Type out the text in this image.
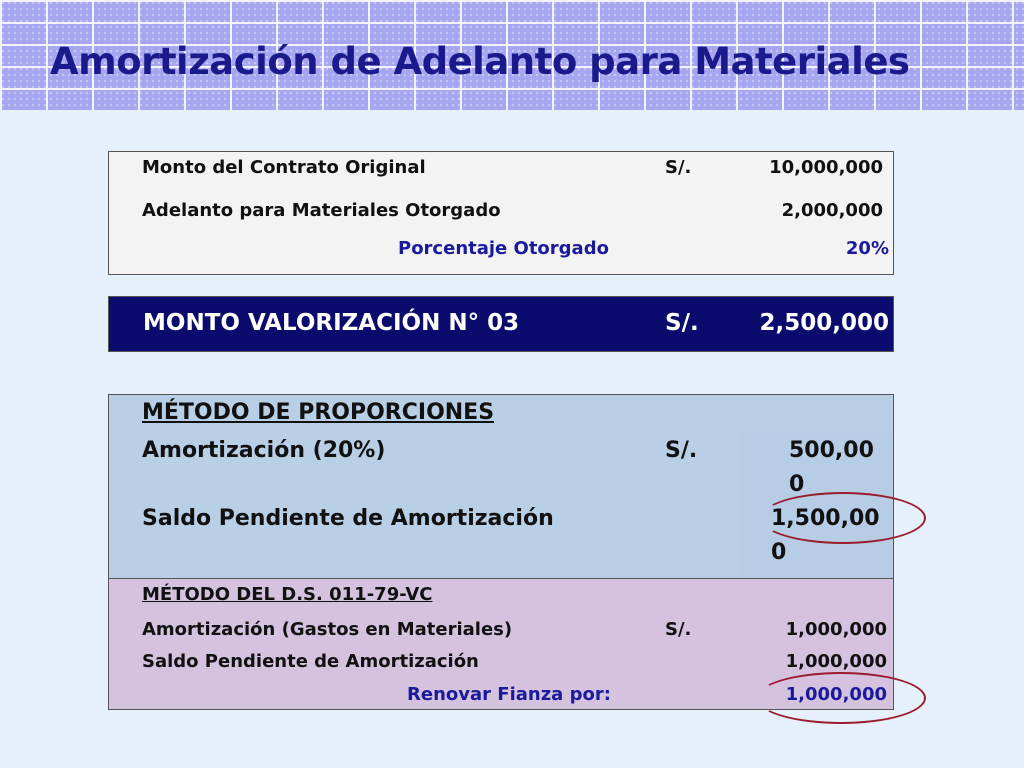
Amortización de Adelanto para Materiales
Monto del Contrato Original	S/.	10,000,000
Adelanto para Materiales Otorgado	2,000,000
Porcentaje Otorgado	20%
MONTO VALORIZACIÓN N° 03	S/.	2,500,000
MÉTODO DE PROPORCIONES
Amortización (20%)	S/.	500,00
0
Saldo Pendiente de Amortización	1,500,00
0
MÉTODO DEL D.S. 011-79-VC
Amortización (Gastos en Materiales)	S/.	1,000,000
Saldo Pendiente de Amortización	1,000,000
Renovar Fianza por:	1,000,000
